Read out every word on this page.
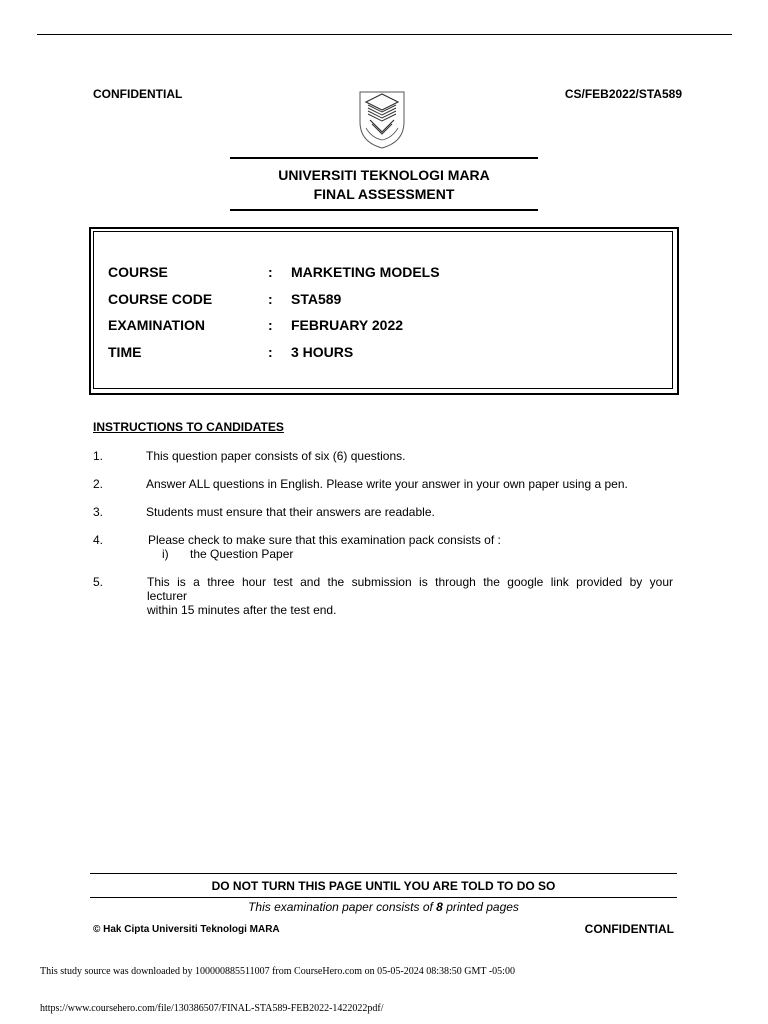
CONFIDENTIAL	CS/FEB2022/STA589
UNIVERSITI TEKNOLOGI MARA
FINAL ASSESSMENT
COURSE	: MARKETING MODELS
COURSE CODE	: STA589
EXAMINATION	: FEBRUARY 2022
TIME	: 3 HOURS
INSTRUCTIONS TO CANDIDATES
1.	This question paper consists of six (6) questions.
2.	Answer ALL questions in English. Please write your answer in your own paper using a pen.
3.	Students must ensure that their answers are readable.
4.	Please check to make sure that this examination pack consists of :
i) the Question Paper
5.	This is a three hour test and the submission is through the google link provided by your
lecturer
within 15 minutes after the test end.
DO NOT TURN THIS PAGE UNTIL YOU ARE TOLD TO DO SO
This examination paper consists of 8 printed pages
© Hak Cipta Universiti Teknologi MARA	CONFIDENTIAL
This study source was downloaded by 100000885511007 from CourseHero.com on 05-05-2024 08:38:50 GMT -05:00
https://www.coursehero.com/file/130386507/FINAL-STA589-FEB2022-1422022pdf/
